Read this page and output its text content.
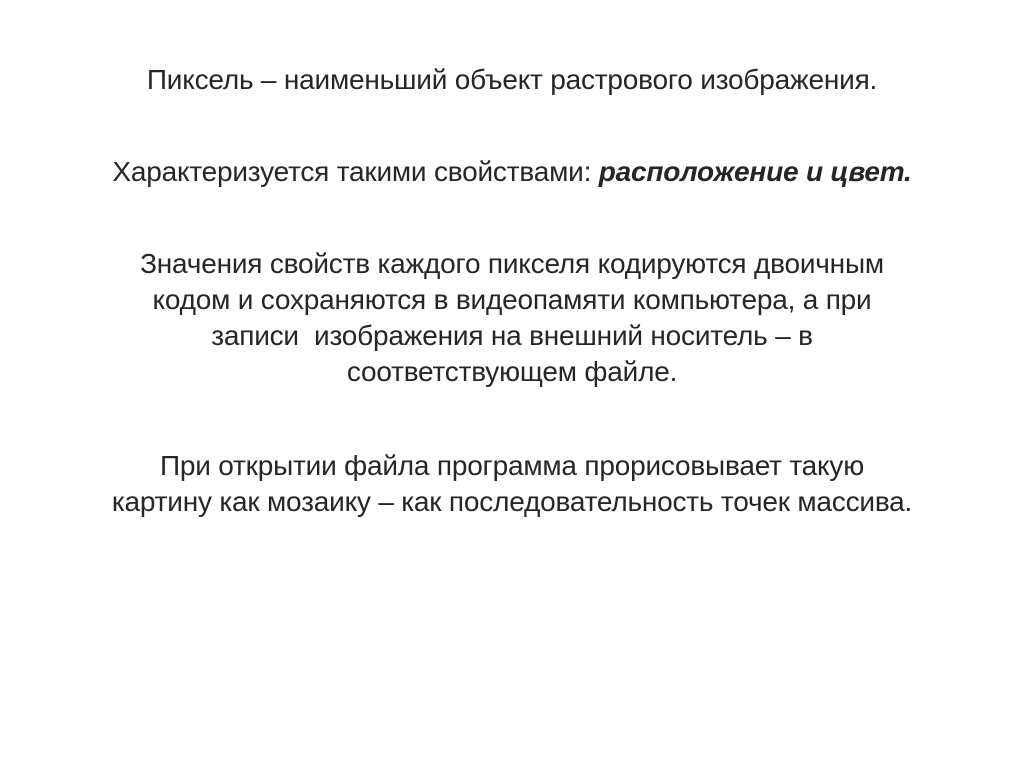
Пиксель – наименьший объект растрового изображения.

Характеризуется такими свойствами: расположение и цвет.

Значения свойств каждого пикселя кодируются двоичным
кодом и сохраняются в видеопамяти компьютера, а при
записи  изображения на внешний носитель – в
соответствующем файле.

При открытии файла программа прорисовывает такую
картину как мозаику – как последовательность точек массива.
